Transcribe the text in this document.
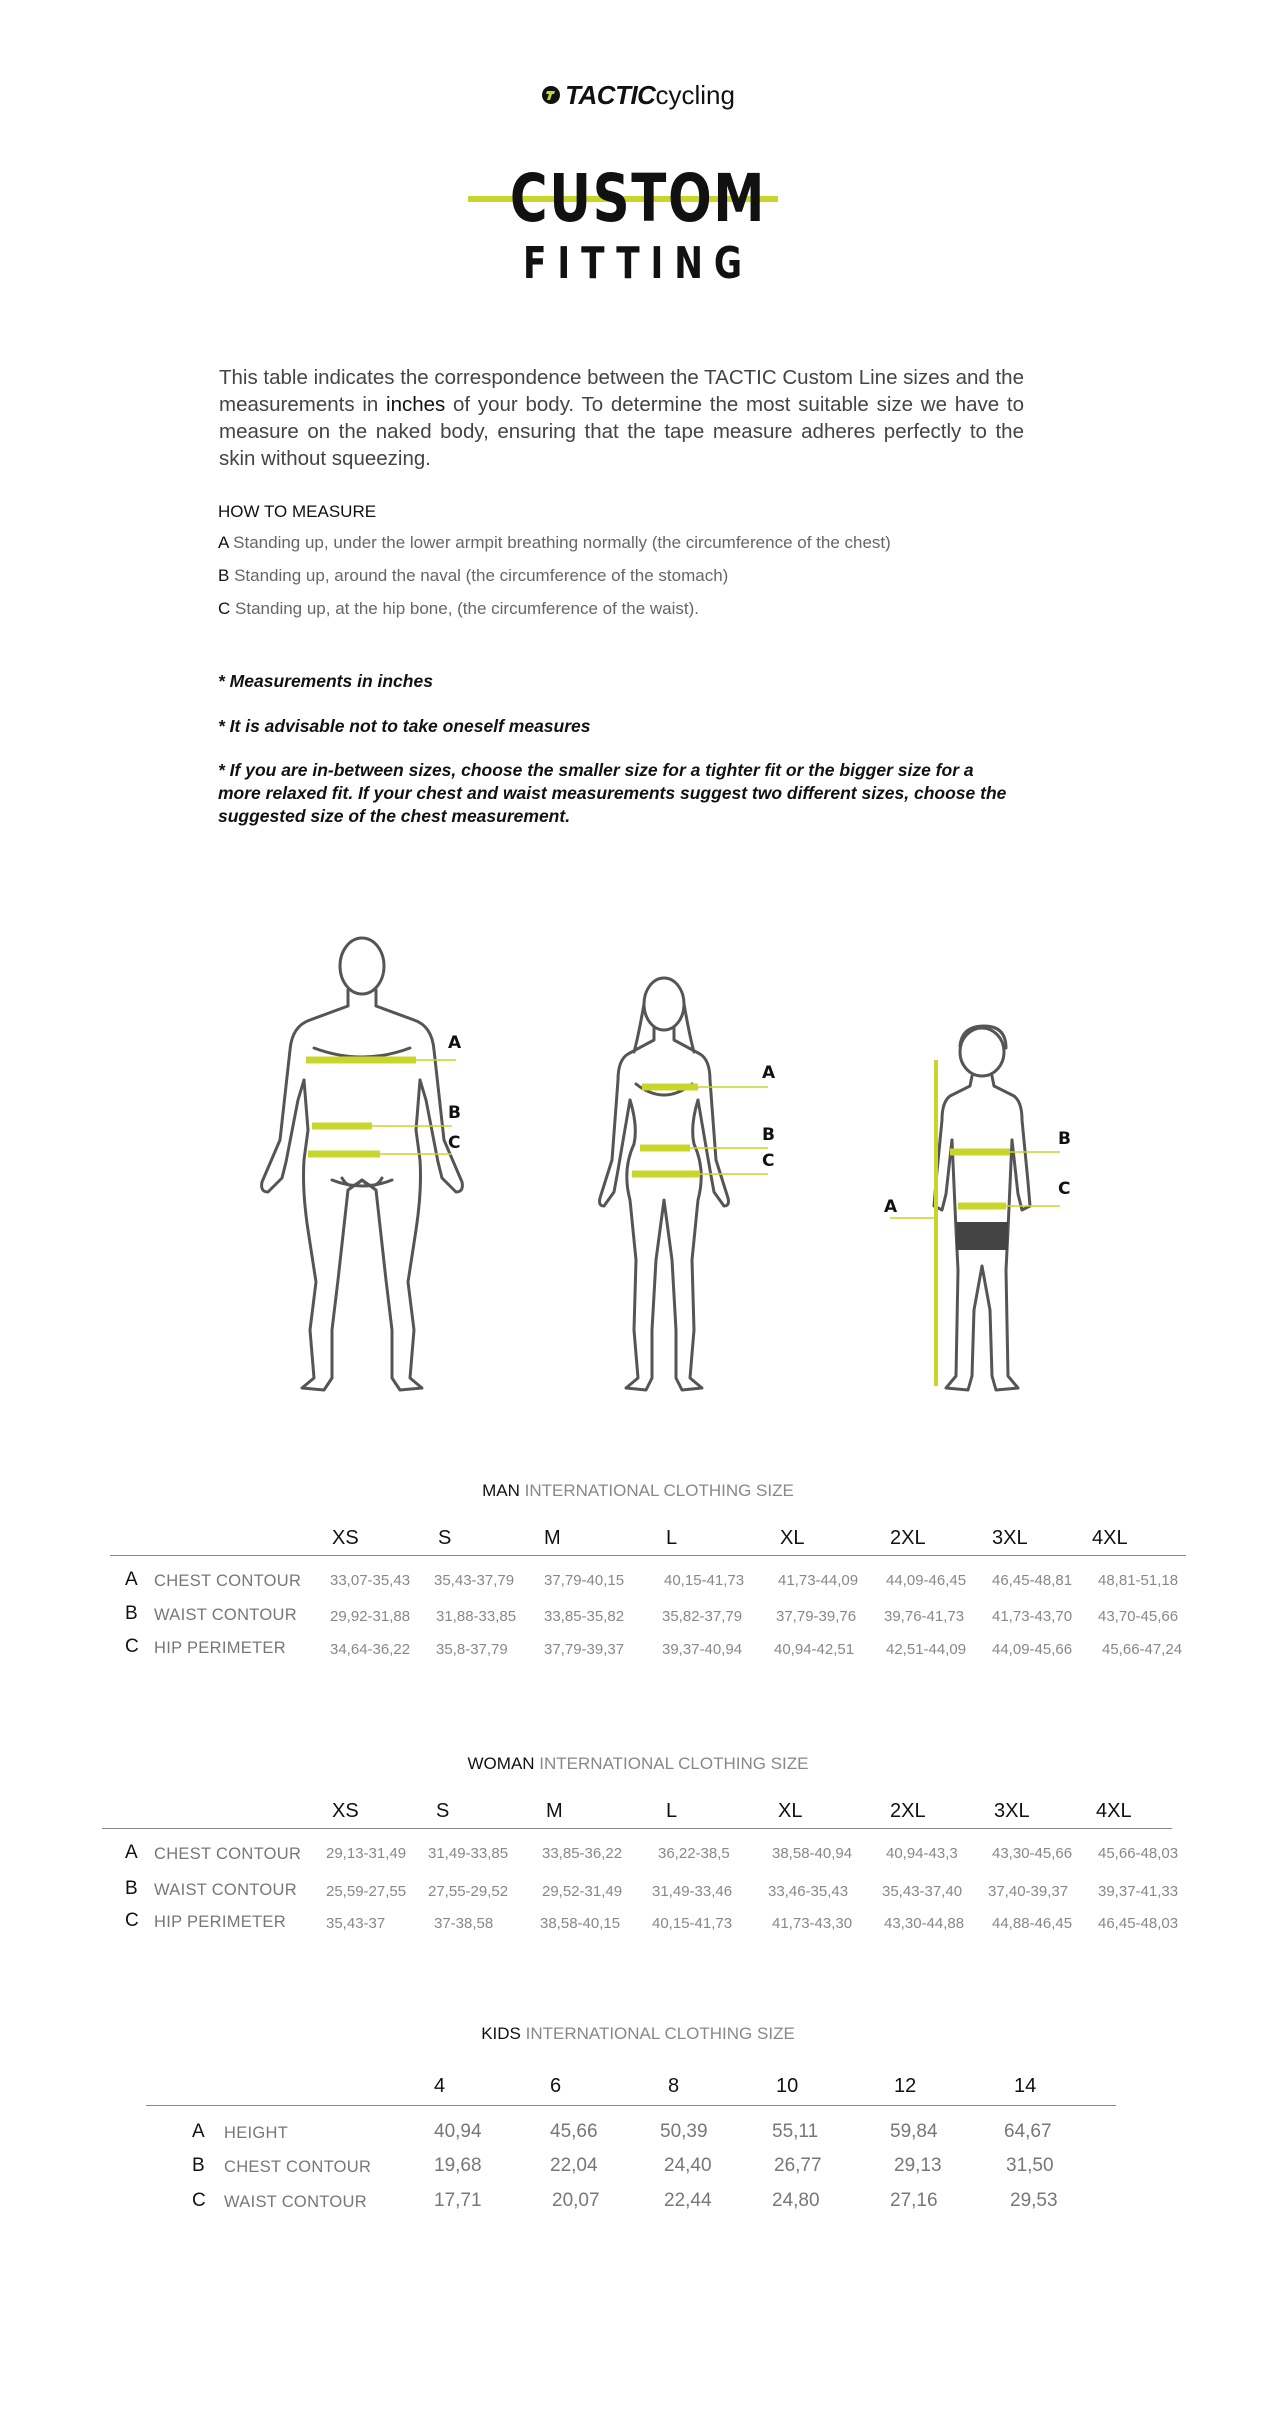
TACTICcycling
CUSTOM
FITTING
This table indicates the correspondence between the TACTIC Custom Line sizes and the measurements in inches of your body. To determine the most suitable size we have to measure on the naked body, ensuring that the tape measure adheres perfectly to the skin without squeezing.
HOW TO MEASURE
A Standing up, under the lower armpit breathing normally (the circumference of the chest)
B Standing up, around the naval (the circumference of the stomach)
C Standing up, at the hip bone, (the circumference of the waist).
* Measurements in inches
* It is advisable not to take oneself measures
* If you are in-between sizes, choose the smaller size for a tighter fit or the bigger size for a more relaxed fit. If your chest and waist measurements suggest two different sizes, choose the suggested size of the chest measurement.
A
B
C
A
B
C
B
C
A
MAN INTERNATIONAL CLOTHING SIZE
XS	S	M	L	XL	2XL	3XL	4XL
A CHEST CONTOUR 33,07-35,43 35,43-37,79 37,79-40,15	40,15-41,73 41,73-44,09 44,09-46,45 46,45-48,81 48,81-51,18
B WAIST CONTOUR 29,92-31,88 31,88-33,85 33,85-35,82	35,82-37,79 37,79-39,76 39,76-41,73 41,73-43,70 43,70-45,66
C HIP PERIMETER	34,64-36,22 35,8-37,79 37,79-39,37	39,37-40,94 40,94-42,51 42,51-44,09 44,09-45,66 45,66-47,24
WOMAN INTERNATIONAL CLOTHING SIZE
XS	S	M	L	XL	2XL	3XL	4XL
A CHEST CONTOUR 29,13-31,49 31,49-33,85 33,85-36,22 36,22-38,5	38,58-40,94 40,94-43,3 43,30-45,66 45,66-48,03
B WAIST CONTOUR 25,59-27,55 27,55-29,52 29,52-31,49 31,49-33,46 33,46-35,43 35,43-37,40 37,40-39,37 39,37-41,33
C HIP PERIMETER	35,43-37	37-38,58	38,58-40,15 40,15-41,73	41,73-43,30 43,30-44,88 44,88-46,45 46,45-48,03
KIDS INTERNATIONAL CLOTHING SIZE
4	6	8	10	12	14
A HEIGHT	40,94	45,66	50,39	55,11	59,84	64,67
B CHEST CONTOUR	19,68	22,04	24,40	26,77	29,13	31,50
C WAIST CONTOUR	17,71	20,07	22,44	24,80	27,16	29,53
